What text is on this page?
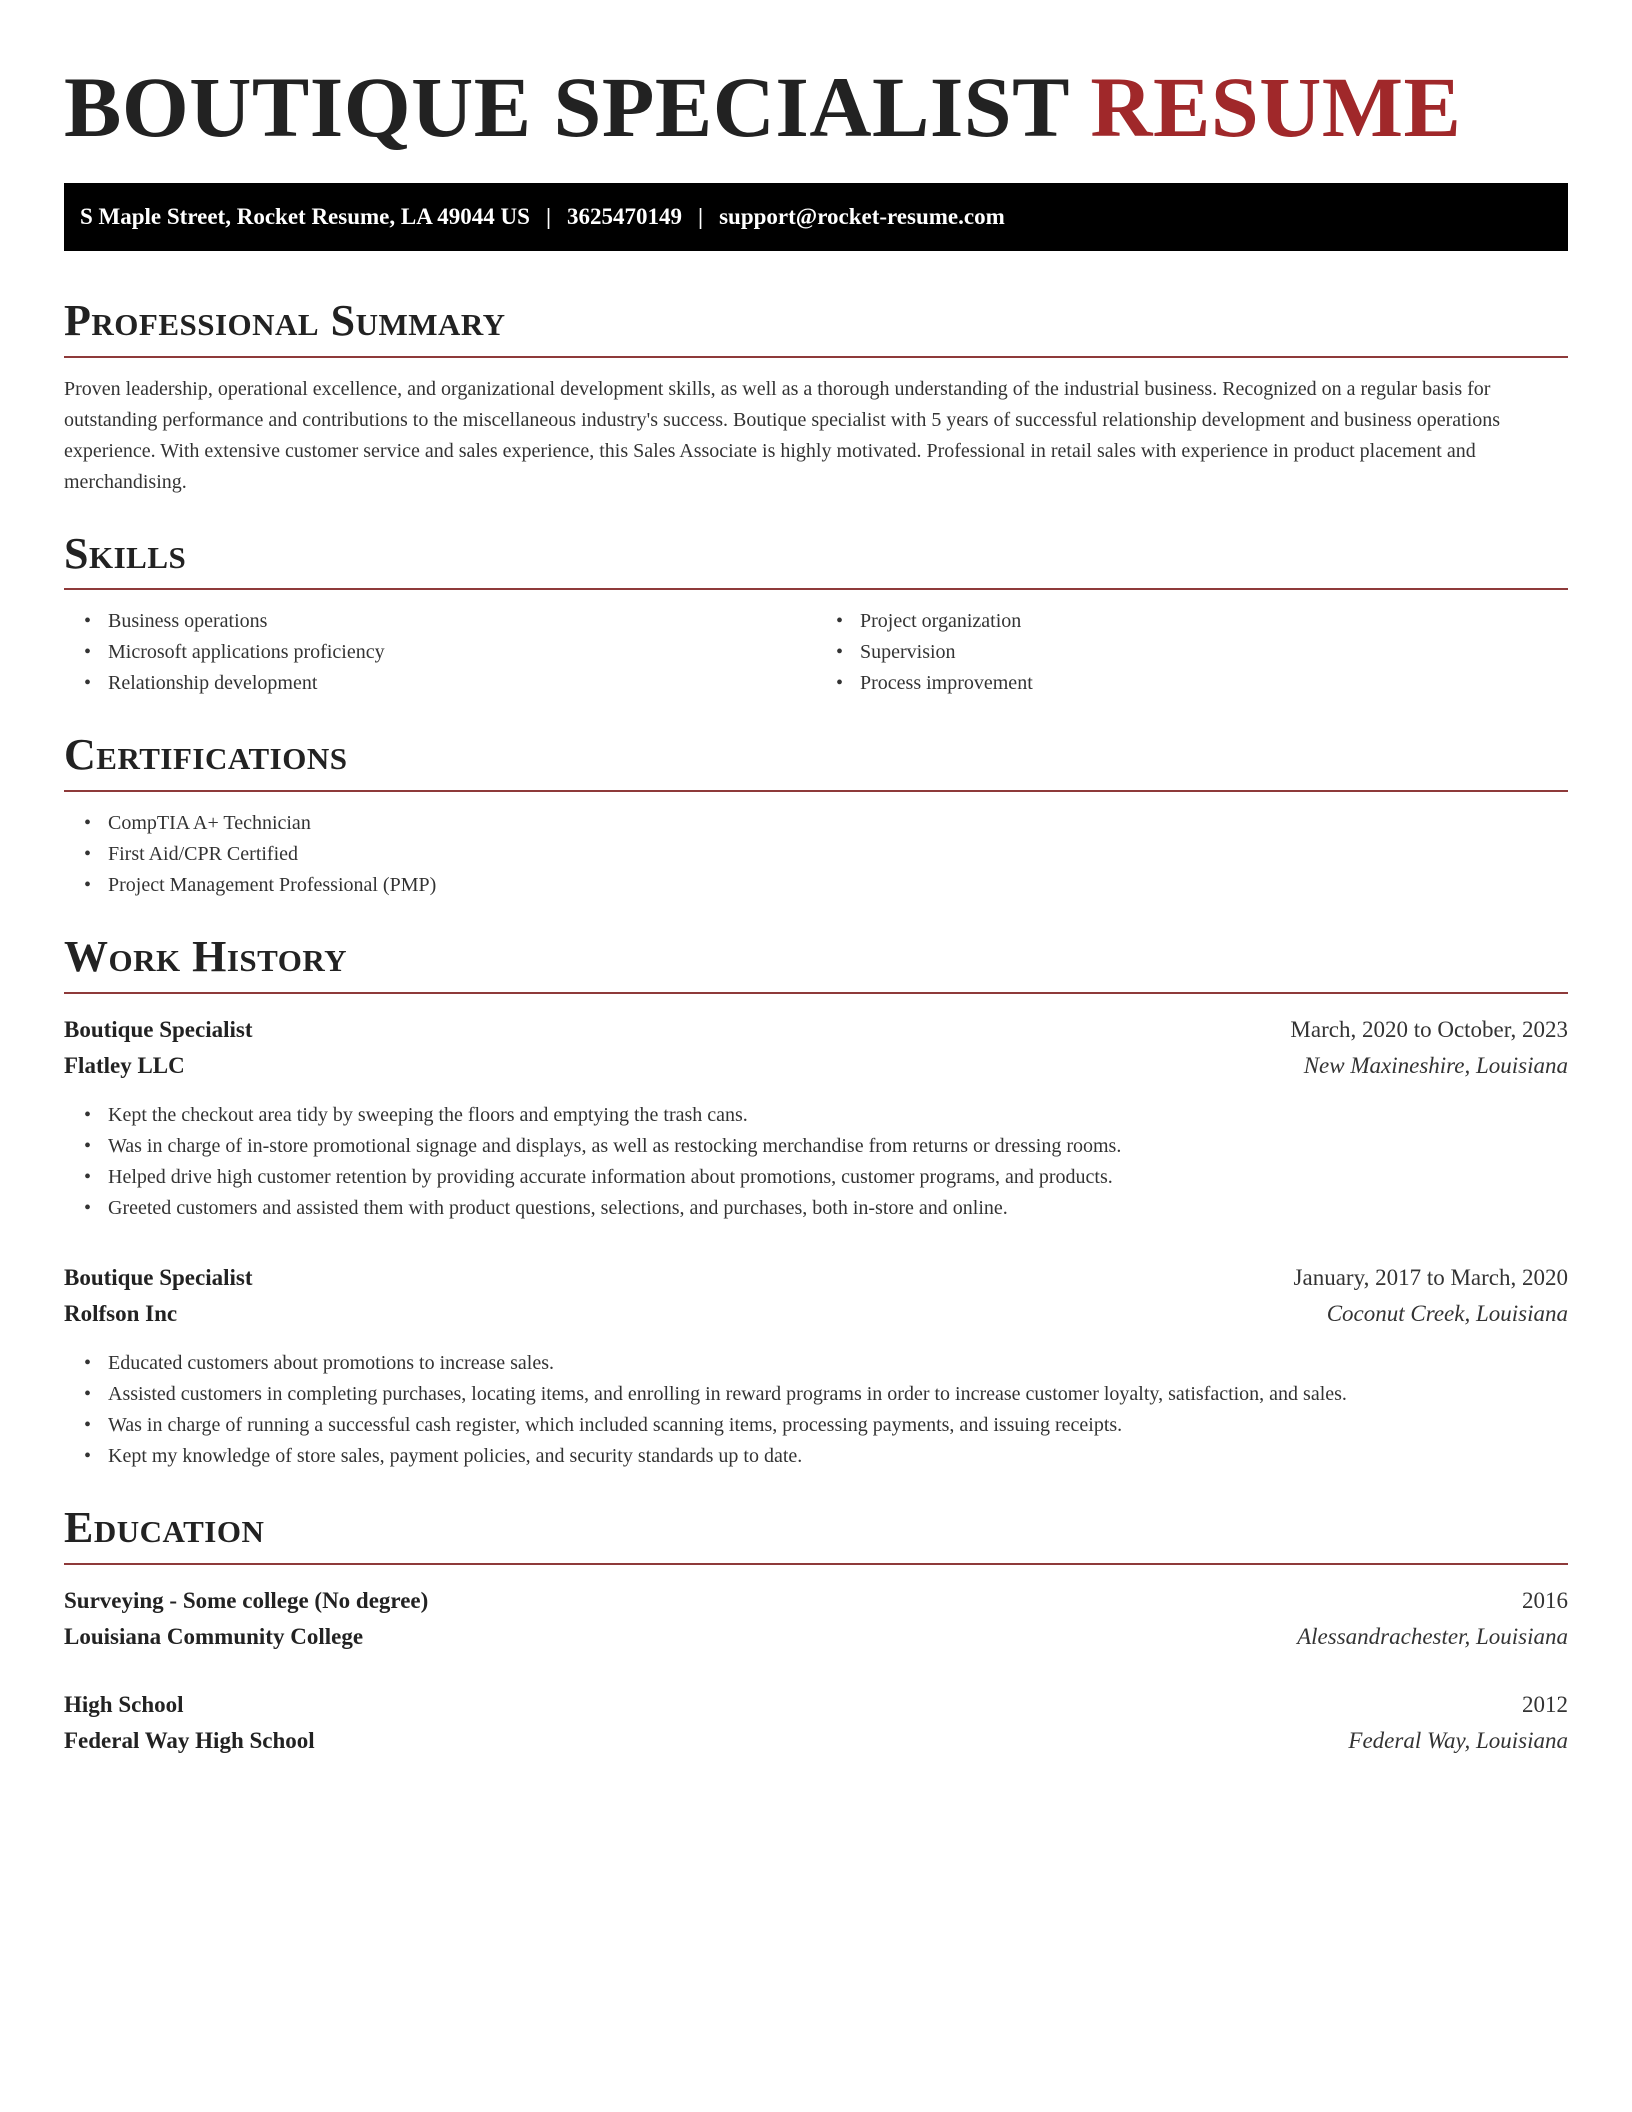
BOUTIQUE SPECIALIST RESUME
S Maple Street, Rocket Resume, LA 49044 US | 3625470149 | support@rocket-resume.com
Professional Summary

Proven leadership, operational excellence, and organizational development skills, as well as a thorough understanding of the industrial business. Recognized on a regular basis for outstanding performance and contributions to the miscellaneous industry's success. Boutique specialist with 5 years of successful relationship development and business operations experience. With extensive customer service and sales experience, this Sales Associate is highly motivated. Professional in retail sales with experience in product placement and merchandising.

Skills
• Business operations
• Microsoft applications proficiency
• Relationship development
• Project organization
• Supervision
• Process improvement
Certifications
• CompTIA A+ Technician
• First Aid/CPR Certified
• Project Management Professional (PMP)
Work History
Boutique Specialist	March, 2020 to October, 2023
Flatley LLC	New Maxineshire, Louisiana
• Kept the checkout area tidy by sweeping the floors and emptying the trash cans.
• Was in charge of in-store promotional signage and displays, as well as restocking merchandise from returns or dressing rooms.
• Helped drive high customer retention by providing accurate information about promotions, customer programs, and products.
• Greeted customers and assisted them with product questions, selections, and purchases, both in-store and online.
Boutique Specialist	January, 2017 to March, 2020
Rolfson Inc	Coconut Creek, Louisiana
• Educated customers about promotions to increase sales.
• Assisted customers in completing purchases, locating items, and enrolling in reward programs in order to increase customer loyalty, satisfaction, and sales.
• Was in charge of running a successful cash register, which included scanning items, processing payments, and issuing receipts.
• Kept my knowledge of store sales, payment policies, and security standards up to date.
Education
Surveying - Some college (No degree)	2016
Louisiana Community College	Alessandrachester, Louisiana
High School	2012
Federal Way High School	Federal Way, Louisiana
